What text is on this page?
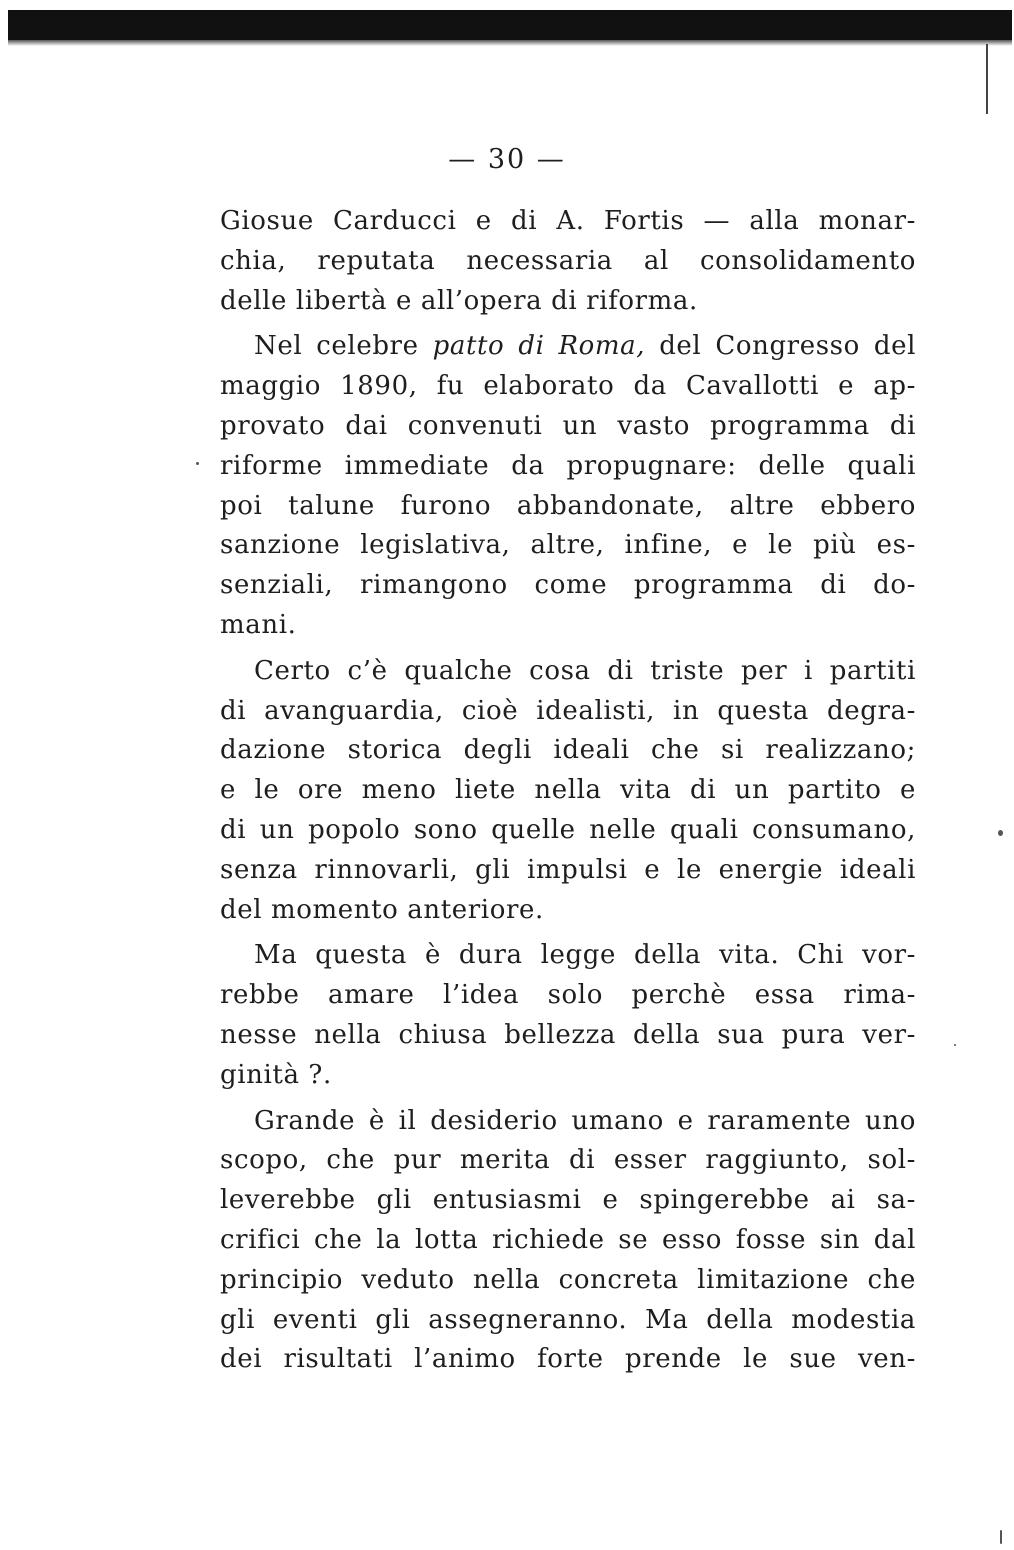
— 30 —

Giosue Carducci e di A. Fortis — alla monar-
chia, reputata necessaria al consolidamento
delle libertà e all’opera di riforma.

Nel celebre patto di Roma, del Congresso del
maggio 1890, fu elaborato da Cavallotti e ap-
provato dai convenuti un vasto programma di
riforme immediate da propugnare: delle quali
poi talune furono abbandonate, altre ebbero
sanzione legislativa, altre, infine, e le più es-
senziali, rimangono come programma di do-
mani.

Certo c’è qualche cosa di triste per i partiti
di avanguardia, cioè idealisti, in questa degra-
dazione storica degli ideali che si realizzano;
e le ore meno liete nella vita di un partito e
di un popolo sono quelle nelle quali consumano,
senza rinnovarli, gli impulsi e le energie ideali
del momento anteriore.

Ma questa è dura legge della vita. Chi vor-
rebbe amare l’idea solo perchè essa rima-
nesse nella chiusa bellezza della sua pura ver-
ginità ?.

Grande è il desiderio umano e raramente uno
scopo, che pur merita di esser raggiunto, sol-
leverebbe gli entusiasmi e spingerebbe ai sa-
crifici che la lotta richiede se esso fosse sin dal
principio veduto nella concreta limitazione che
gli eventi gli assegneranno. Ma della modestia
dei risultati l’animo forte prende le sue ven-
